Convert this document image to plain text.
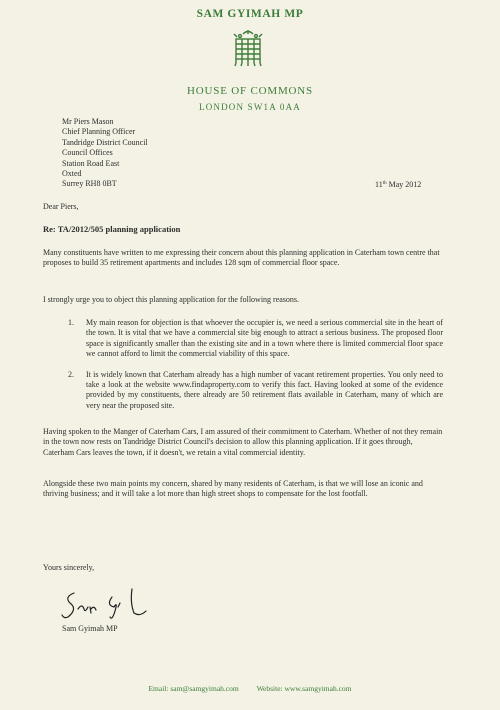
SAM GYIMAH MP
HOUSE OF COMMONS
LONDON SW1A 0AA
Mr Piers Mason
Chief Planning Officer
Tandridge District Council
Council Offices
Station Road East
Oxted
Surrey RH8 0BT	11th May 2012
Dear Piers,
Re: TA/2012/505 planning application
Many constituents have written to me expressing their concern about this planning application in Caterham town centre that proposes to build 35 retirement apartments and includes 128 sqm of commercial floor space.
I strongly urge you to object this planning application for the following reasons.
1. My main reason for objection is that whoever the occupier is, we need a serious commercial site in the heart of the town. It is vital that we have a commercial site big enough to attract a serious business. The proposed floor space is significantly smaller than the existing site and in a town where there is limited commercial floor space we cannot afford to limit the commercial viability of this space.
2. It is widely known that Caterham already has a high number of vacant retirement properties. You only need to take a look at the website www.findaproperty.com to verify this fact. Having looked at some of the evidence provided by my constituents, there already are 50 retirement flats available in Caterham, many of which are very near the proposed site.
Having spoken to the Manger of Caterham Cars, I am assured of their commitment to Caterham. Whether of not they remain in the town now rests on Tandridge District Council's decision to allow this planning application. If it goes through, Caterham Cars leaves the town, if it doesn't, we retain a vital commercial identity.
Alongside these two main points my concern, shared by many residents of Caterham, is that we will lose an iconic and thriving business; and it will take a lot more than high street shops to compensate for the lost footfall.
Yours sincerely,
Sam Gyimah MP
Email: sam@samgyimah.com Website: www.samgyimah.com
